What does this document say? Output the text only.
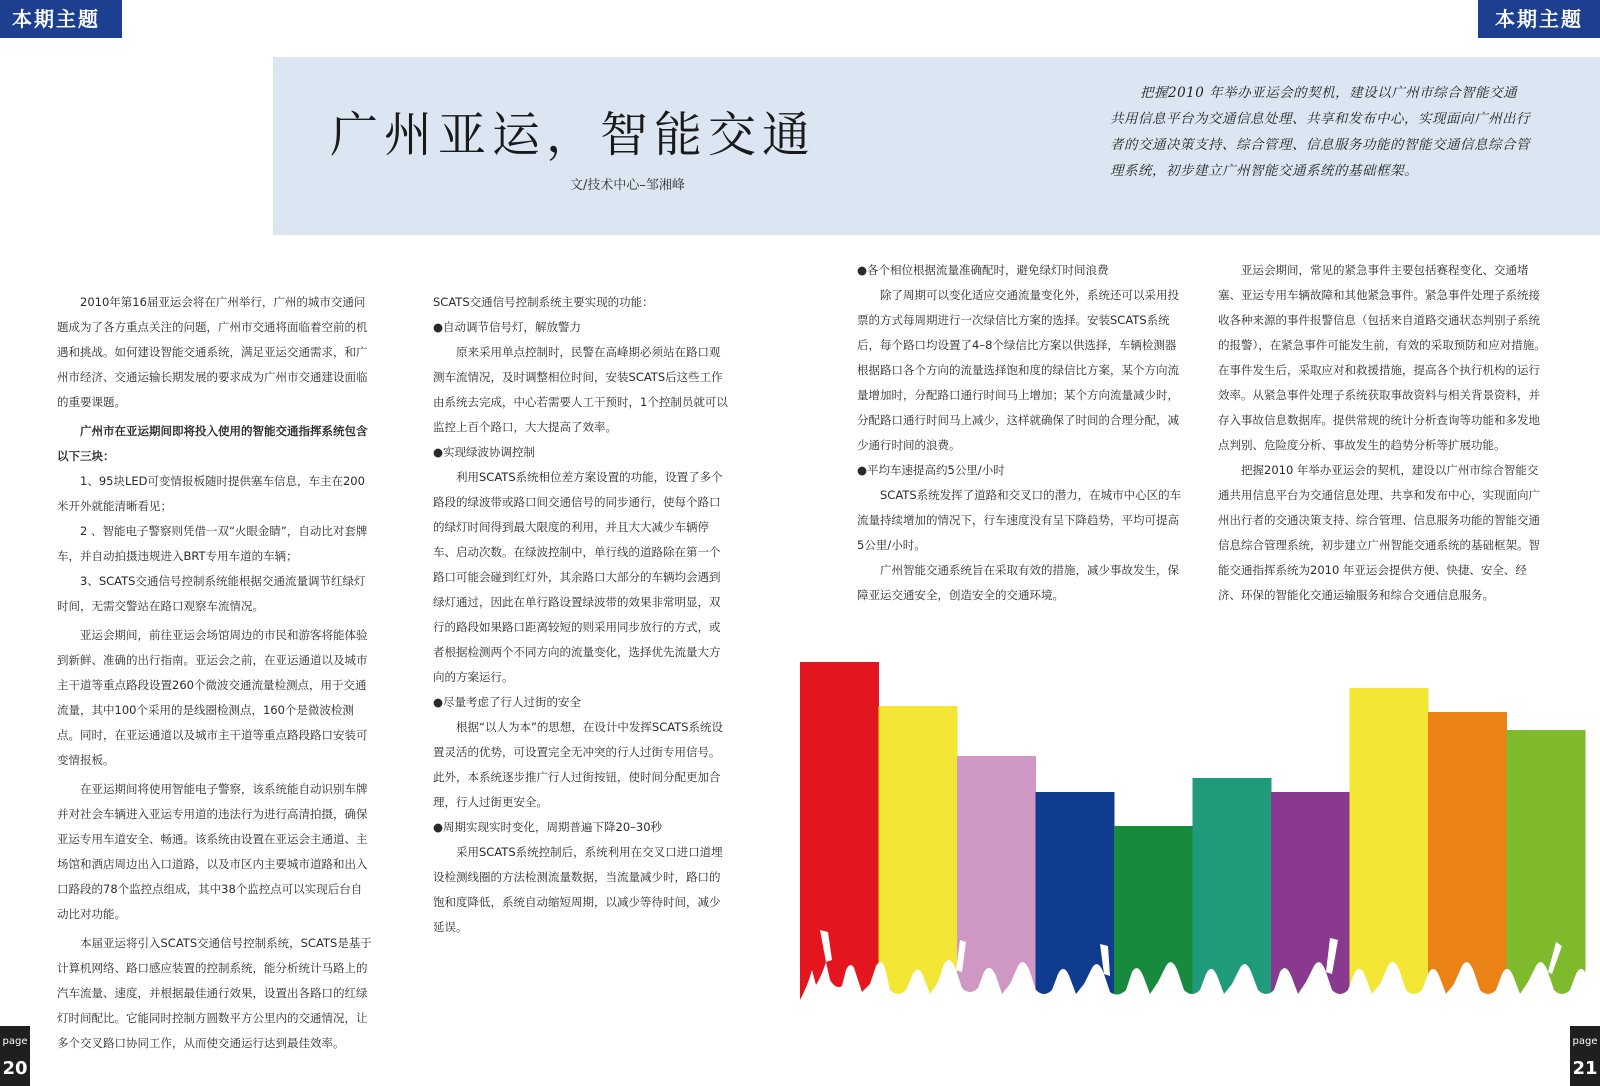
本期主题	本期主题
广州亚运，智能交通
文/技术中心–邹湘峰
把握2010 年举办亚运会的契机，建设以广州市综合智能交通共用信息平台为交通信息处理、共享和发布中心，实现面向广州出行者的交通决策支持、综合管理、信息服务功能的智能交通信息综合管理系统，初步建立广州智能交通系统的基础框架。

2010年第16届亚运会将在广州举行，广州的城市交通问题成为了各方重点关注的问题，广州市交通将面临着空前的机遇和挑战。如何建设智能交通系统，满足亚运交通需求，和广州市经济、交通运输长期发展的要求成为广州市交通建设面临的重要课题。

广州市在亚运期间即将投入使用的智能交通指挥系统包含以下三块：

1、95块LED可变情报板随时提供塞车信息，车主在200米开外就能清晰看见；

2 、智能电子警察则凭借一双“火眼金睛”，自动比对套牌车，并自动拍摄违规进入BRT专用车道的车辆；

3、SCATS交通信号控制系统能根据交通流量调节红绿灯时间，无需交警站在路口观察车流情况。

亚运会期间，前往亚运会场馆周边的市民和游客将能体验到新鲜、准确的出行指南。亚运会之前，在亚运通道以及城市主干道等重点路段设置260个微波交通流量检测点，用于交通流量，其中100个采用的是线圈检测点，160个是微波检测点。同时，在亚运通道以及城市主干道等重点路段路口安装可变情报板。

在亚运期间将使用智能电子警察，该系统能自动识别车牌并对社会车辆进入亚运专用道的违法行为进行高清拍摄，确保亚运专用车道安全、畅通。该系统由设置在亚运会主通道、主场馆和酒店周边出入口道路，以及市区内主要城市道路和出入口路段的78个监控点组成，其中38个监控点可以实现后台自动比对功能。

本届亚运将引入SCATS交通信号控制系统，SCATS是基于计算机网络、路口感应装置的控制系统，能分析统计马路上的汽车流量、速度，并根据最佳通行效果，设置出各路口的红绿灯时间配比。它能同时控制方圆数平方公里内的交通情况，让多个交叉路口协同工作，从而使交通运行达到最佳效率。

SCATS交通信号控制系统主要实现的功能：

●自动调节信号灯，解放警力

原来采用单点控制时，民警在高峰期必须站在路口观测车流情况，及时调整相位时间，安装SCATS后这些工作由系统去完成，中心若需要人工干预时，1个控制员就可以监控上百个路口，大大提高了效率。

●实现绿波协调控制

利用SCATS系统相位差方案设置的功能，设置了多个路段的绿波带或路口间交通信号的同步通行，使每个路口的绿灯时间得到最大限度的利用，并且大大减少车辆停车、启动次数。在绿波控制中，单行线的道路除在第一个路口可能会碰到红灯外，其余路口大部分的车辆均会遇到绿灯通过，因此在单行路设置绿波带的效果非常明显，双行的路段如果路口距离较短的则采用同步放行的方式，或者根据检测两个不同方向的流量变化，选择优先流量大方向的方案运行。

●尽量考虑了行人过街的安全

根据“以人为本”的思想，在设计中发挥SCATS系统设置灵活的优势，可设置完全无冲突的行人过街专用信号。此外，本系统逐步推广行人过街按钮，使时间分配更加合理，行人过街更安全。

●周期实现实时变化，周期普遍下降20–30秒

采用SCATS系统控制后，系统利用在交叉口进口道埋设检测线圈的方法检测流量数据，当流量减少时，路口的饱和度降低，系统自动缩短周期，以减少等待时间，减少延误。

●各个相位根据流量准确配时，避免绿灯时间浪费

除了周期可以变化适应交通流量变化外，系统还可以采用投票的方式每周期进行一次绿信比方案的选择。安装SCATS系统后，每个路口均设置了4–8个绿信比方案以供选择，车辆检测器根据路口各个方向的流量选择饱和度的绿信比方案，某个方向流量增加时，分配路口通行时间马上增加；某个方向流量减少时，分配路口通行时间马上减少，这样就确保了时间的合理分配，减少通行时间的浪费。

●平均车速提高约5公里/小时

SCATS系统发挥了道路和交叉口的潜力，在城市中心区的车流量持续增加的情况下，行车速度没有呈下降趋势，平均可提高5公里/小时。

广州智能交通系统旨在采取有效的措施，减少事故发生，保障亚运交通安全，创造安全的交通环境。

亚运会期间，常见的紧急事件主要包括赛程变化、交通堵塞、亚运专用车辆故障和其他紧急事件。紧急事件处理子系统接收各种来源的事件报警信息（包括来自道路交通状态判别子系统的报警），在紧急事件可能发生前，有效的采取预防和应对措施。在事件发生后，采取应对和救援措施，提高各个执行机构的运行效率。从紧急事件处理子系统获取事故资料与相关背景资料，并存入事故信息数据库。提供常规的统计分析查询等功能和多发地点判别、危险度分析、事故发生的趋势分析等扩展功能。

把握2010 年举办亚运会的契机，建设以广州市综合智能交通共用信息平台为交通信息处理、共享和发布中心，实现面向广州出行者的交通决策支持、综合管理、信息服务功能的智能交通信息综合管理系统，初步建立广州智能交通系统的基础框架。智能交通指挥系统为2010 年亚运会提供方便、快捷、安全、经济、环保的智能化交通运输服务和综合交通信息服务。

page
20
page
21
